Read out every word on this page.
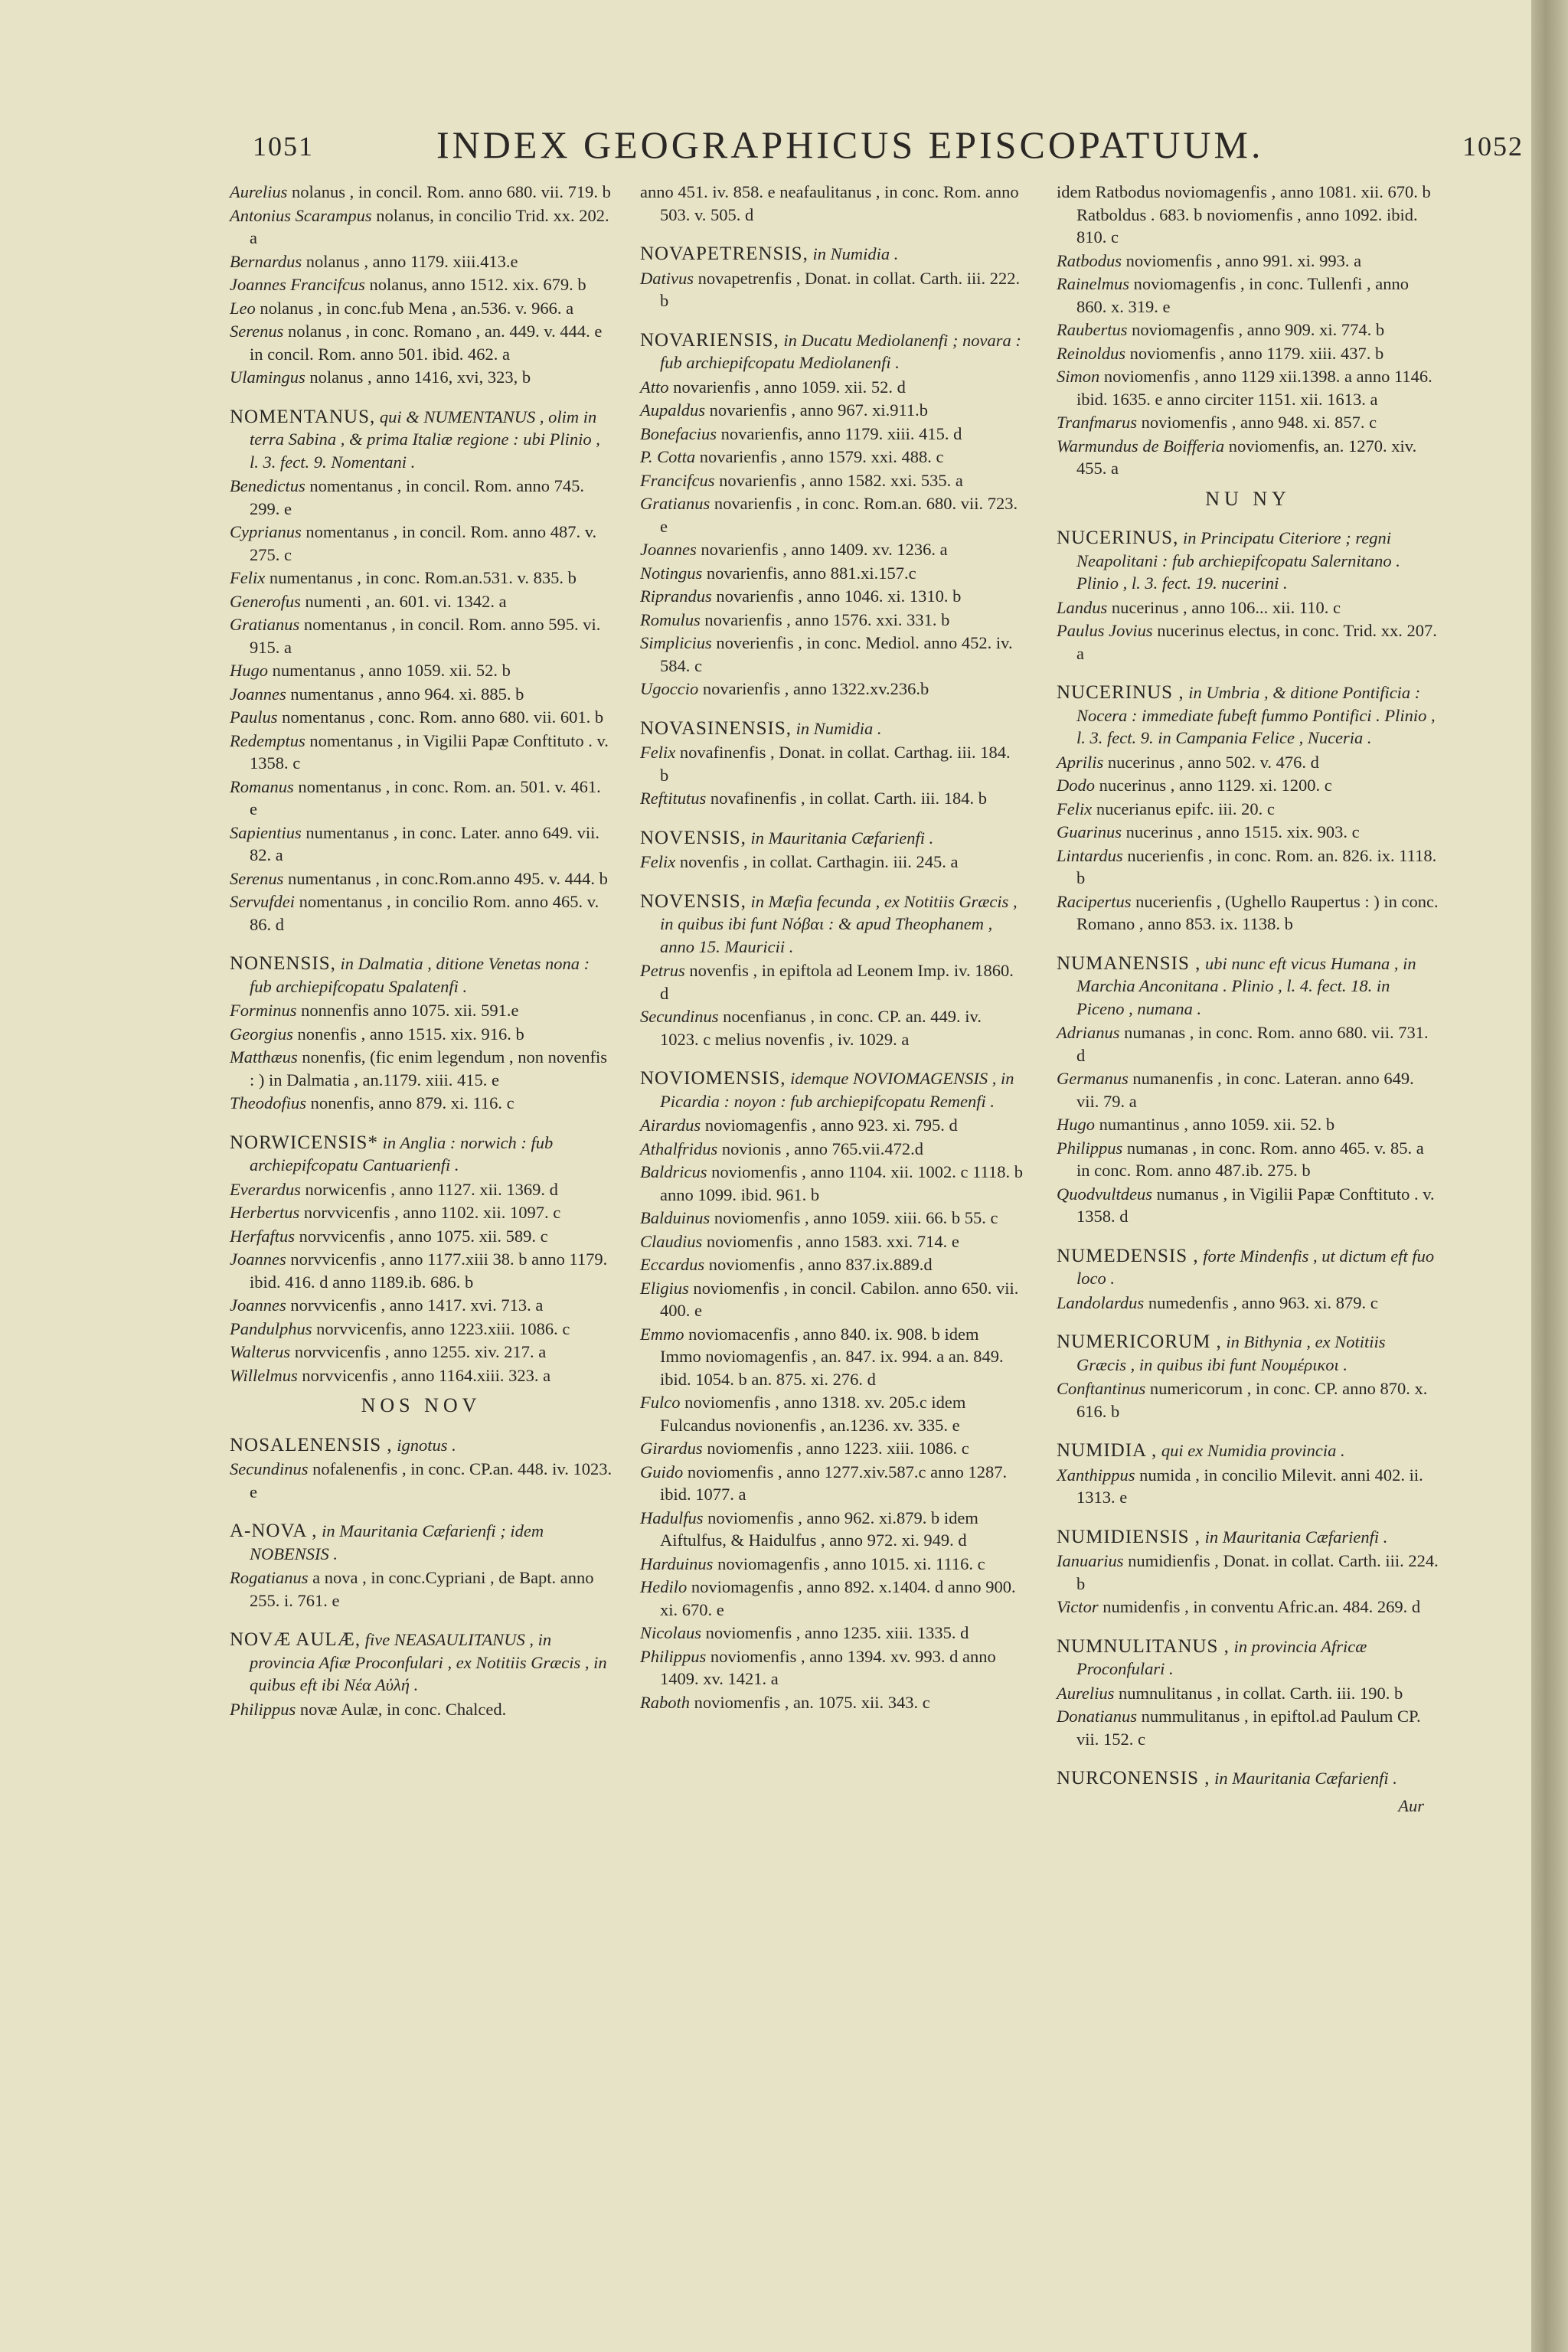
1051	INDEX GEOGRAPHICUS EPISCOPATUUM.	1052
Aurelius nolanus , in concil. Rom. anno 680. vii. 719. b
Antonius Scarampus nolanus, in concilio Trid. xx. 202. a
Bernardus nolanus , anno 1179. xiii.413.e
Joannes Francifcus nolanus, anno 1512. xix. 679. b
Leo nolanus , in conc.fub Mena , an.536. v. 966. a
Serenus nolanus , in conc. Romano , an. 449. v. 444. e in concil. Rom. anno 501. ibid. 462. a
Ulamingus nolanus , anno 1416, xvi, 323, b
NOMENTANUS, qui & NUMENTANUS , olim in terra Sabina , & prima Italiæ regione : ubi Plinio , l. 3. fect. 9. Nomentani .
Benedictus nomentanus , in concil. Rom. anno 745. 299. e
Cyprianus nomentanus , in concil. Rom. anno 487. v. 275. c
Felix numentanus , in conc. Rom.an.531. v. 835. b
Generofus numenti , an. 601. vi. 1342. a
Gratianus nomentanus , in concil. Rom. anno 595. vi. 915. a
Hugo numentanus , anno 1059. xii. 52. b
Joannes numentanus , anno 964. xi. 885. b
Paulus nomentanus , conc. Rom. anno 680. vii. 601. b
Redemptus nomentanus , in Vigilii Papæ Conftituto . v. 1358. c
Romanus nomentanus , in conc. Rom. an. 501. v. 461. e
Sapientius numentanus , in conc. Later. anno 649. vii. 82. a
Serenus numentanus , in conc.Rom.anno 495. v. 444. b
Servufdei nomentanus , in concilio Rom. anno 465. v. 86. d
NONENSIS, in Dalmatia , ditione Venetas nona : fub archiepifcopatu Spalatenfi .
Forminus nonnenfis anno 1075. xii. 591.e
Georgius nonenfis , anno 1515. xix. 916. b
Matthæus nonenfis, (fic enim legendum , non novenfis : ) in Dalmatia , an.1179. xiii. 415. e
Theodofius nonenfis, anno 879. xi. 116. c
NORWICENSIS* in Anglia : norwich : fub archiepifcopatu Cantuarienfi .
Everardus norwicenfis , anno 1127. xii. 1369. d
Herbertus norvvicenfis , anno 1102. xii. 1097. c
Herfaftus norvvicenfis , anno 1075. xii. 589. c
Joannes norvvicenfis , anno 1177.xiii 38. b anno 1179. ibid. 416. d anno 1189.ib. 686. b
Joannes norvvicenfis , anno 1417. xvi. 713. a
Pandulphus norvvicenfis, anno 1223.xiii. 1086. c
Walterus norvvicenfis , anno 1255. xiv. 217. a
Willelmus norvvicenfis , anno 1164.xiii. 323. a
NOS NOV
NOSALENENSIS , ignotus .
Secundinus nofalenenfis , in conc. CP.an. 448. iv. 1023. e
A-NOVA , in Mauritania Cæfarienfi ; idem NOBENSIS .
Rogatianus a nova , in conc.Cypriani , de Bapt. anno 255. i. 761. e
NOVÆ AULÆ, five NEASAULITANUS , in provincia Afiæ Proconfulari , ex Notitiis Græcis , in quibus eft ibi Νέα Αὐλή .
Philippus novæ Aulæ, in conc. Chalced.
anno 451. iv. 858. e neafaulitanus , in conc. Rom. anno 503. v. 505. d
NOVAPETRENSIS, in Numidia .
Dativus novapetrenfis , Donat. in collat. Carth. iii. 222. b
NOVARIENSIS, in Ducatu Mediolanenfi ; novara : fub archiepifcopatu Mediolanenfi .
Atto novarienfis , anno 1059. xii. 52. d
Aupaldus novarienfis , anno 967. xi.911.b
Bonefacius novarienfis, anno 1179. xiii. 415. d
P. Cotta novarienfis , anno 1579. xxi. 488. c
Francifcus novarienfis , anno 1582. xxi. 535. a
Gratianus novarienfis , in conc. Rom.an. 680. vii. 723. e
Joannes novarienfis , anno 1409. xv. 1236. a
Notingus novarienfis, anno 881.xi.157.c
Riprandus novarienfis , anno 1046. xi. 1310. b
Romulus novarienfis , anno 1576. xxi. 331. b
Simplicius noverienfis , in conc. Mediol. anno 452. iv. 584. c
Ugoccio novarienfis , anno 1322.xv.236.b
NOVASINENSIS, in Numidia .
Felix novafinenfis , Donat. in collat. Carthag. iii. 184. b
Reftitutus novafinenfis , in collat. Carth. iii. 184. b
NOVENSIS, in Mauritania Cæfarienfi .
Felix novenfis , in collat. Carthagin. iii. 245. a
NOVENSIS, in Mæfia fecunda , ex Notitiis Græcis , in quibus ibi funt Νόβαι : & apud Theophanem , anno 15. Mauricii .
Petrus novenfis , in epiftola ad Leonem Imp. iv. 1860. d
Secundinus nocenfianus , in conc. CP. an. 449. iv. 1023. c melius novenfis , iv. 1029. a
NOVIOMENSIS, idemque NOVIOMAGENSIS , in Picardia : noyon : fub archiepifcopatu Remenfi .
Airardus noviomagenfis , anno 923. xi. 795. d
Athalfridus novionis , anno 765.vii.472.d
Baldricus noviomenfis , anno 1104. xii. 1002. c 1118. b anno 1099. ibid. 961. b
Balduinus noviomenfis , anno 1059. xiii. 66. b 55. c
Claudius noviomenfis , anno 1583. xxi. 714. e
Eccardus noviomenfis , anno 837.ix.889.d
Eligius noviomenfis , in concil. Cabilon. anno 650. vii. 400. e
Emmo noviomacenfis , anno 840. ix. 908. b idem Immo noviomagenfis , an. 847. ix. 994. a an. 849. ibid. 1054. b an. 875. xi. 276. d
Fulco noviomenfis , anno 1318. xv. 205.c idem Fulcandus novionenfis , an.1236. xv. 335. e
Girardus noviomenfis , anno 1223. xiii. 1086. c
Guido noviomenfis , anno 1277.xiv.587.c anno 1287. ibid. 1077. a
Hadulfus noviomenfis , anno 962. xi.879. b idem Aiftulfus, & Haidulfus , anno 972. xi. 949. d
Harduinus noviomagenfis , anno 1015. xi. 1116. c
Hedilo noviomagenfis , anno 892. x.1404. d anno 900. xi. 670. e
Nicolaus noviomenfis , anno 1235. xiii. 1335. d
Philippus noviomenfis , anno 1394. xv. 993. d anno 1409. xv. 1421. a
Raboth noviomenfis , an. 1075. xii. 343. c
idem Ratbodus noviomagenfis , anno 1081. xii. 670. b Ratboldus . 683. b noviomenfis , anno 1092. ibid. 810. c
Ratbodus noviomenfis , anno 991. xi. 993. a
Rainelmus noviomagenfis , in conc. Tullenfi , anno 860. x. 319. e
Raubertus noviomagenfis , anno 909. xi. 774. b
Reinoldus noviomenfis , anno 1179. xiii. 437. b
Simon noviomenfis , anno 1129 xii.1398. a anno 1146. ibid. 1635. e anno circiter 1151. xii. 1613. a
Tranfmarus noviomenfis , anno 948. xi. 857. c
Warmundus de Boifferia noviomenfis, an. 1270. xiv. 455. a
NU NY
NUCERINUS, in Principatu Citeriore ; regni Neapolitani : fub archiepifcopatu Salernitano . Plinio , l. 3. fect. 19. nucerini .
Landus nucerinus , anno 106... xii. 110. c
Paulus Jovius nucerinus electus, in conc. Trid. xx. 207. a
NUCERINUS , in Umbria , & ditione Pontificia : Nocera : immediate fubeft fummo Pontifici . Plinio , l. 3. fect. 9. in Campania Felice , Nuceria .
Aprilis nucerinus , anno 502. v. 476. d
Dodo nucerinus , anno 1129. xi. 1200. c
Felix nucerianus epifc. iii. 20. c
Guarinus nucerinus , anno 1515. xix. 903. c
Lintardus nucerienfis , in conc. Rom. an. 826. ix. 1118. b
Racipertus nucerienfis , (Ughello Raupertus : ) in conc. Romano , anno 853. ix. 1138. b
NUMANENSIS , ubi nunc eft vicus Humana , in Marchia Anconitana . Plinio , l. 4. fect. 18. in Piceno , numana .
Adrianus numanas , in conc. Rom. anno 680. vii. 731. d
Germanus numanenfis , in conc. Lateran. anno 649. vii. 79. a
Hugo numantinus , anno 1059. xii. 52. b
Philippus numanas , in conc. Rom. anno 465. v. 85. a in conc. Rom. anno 487.ib. 275. b
Quodvultdeus numanus , in Vigilii Papæ Conftituto . v. 1358. d
NUMEDENSIS , forte Mindenfis , ut dictum eft fuo loco .
Landolardus numedenfis , anno 963. xi. 879. c
NUMERICORUM , in Bithynia , ex Notitiis Græcis , in quibus ibi funt Νουμέρικοι .
Conftantinus numericorum , in conc. CP. anno 870. x. 616. b
NUMIDIA , qui ex Numidia provincia .
Xanthippus numida , in concilio Milevit. anni 402. ii. 1313. e
NUMIDIENSIS , in Mauritania Cæfarienfi .
Ianuarius numidienfis , Donat. in collat. Carth. iii. 224. b
Victor numidenfis , in conventu Afric.an. 484. 269. d
NUMNULITANUS , in provincia Africæ Proconfulari .
Aurelius numnulitanus , in collat. Carth. iii. 190. b
Donatianus nummulitanus , in epiftol.ad Paulum CP. vii. 152. c
NURCONENSIS , in Mauritania Cæfarienfi .
Aur
